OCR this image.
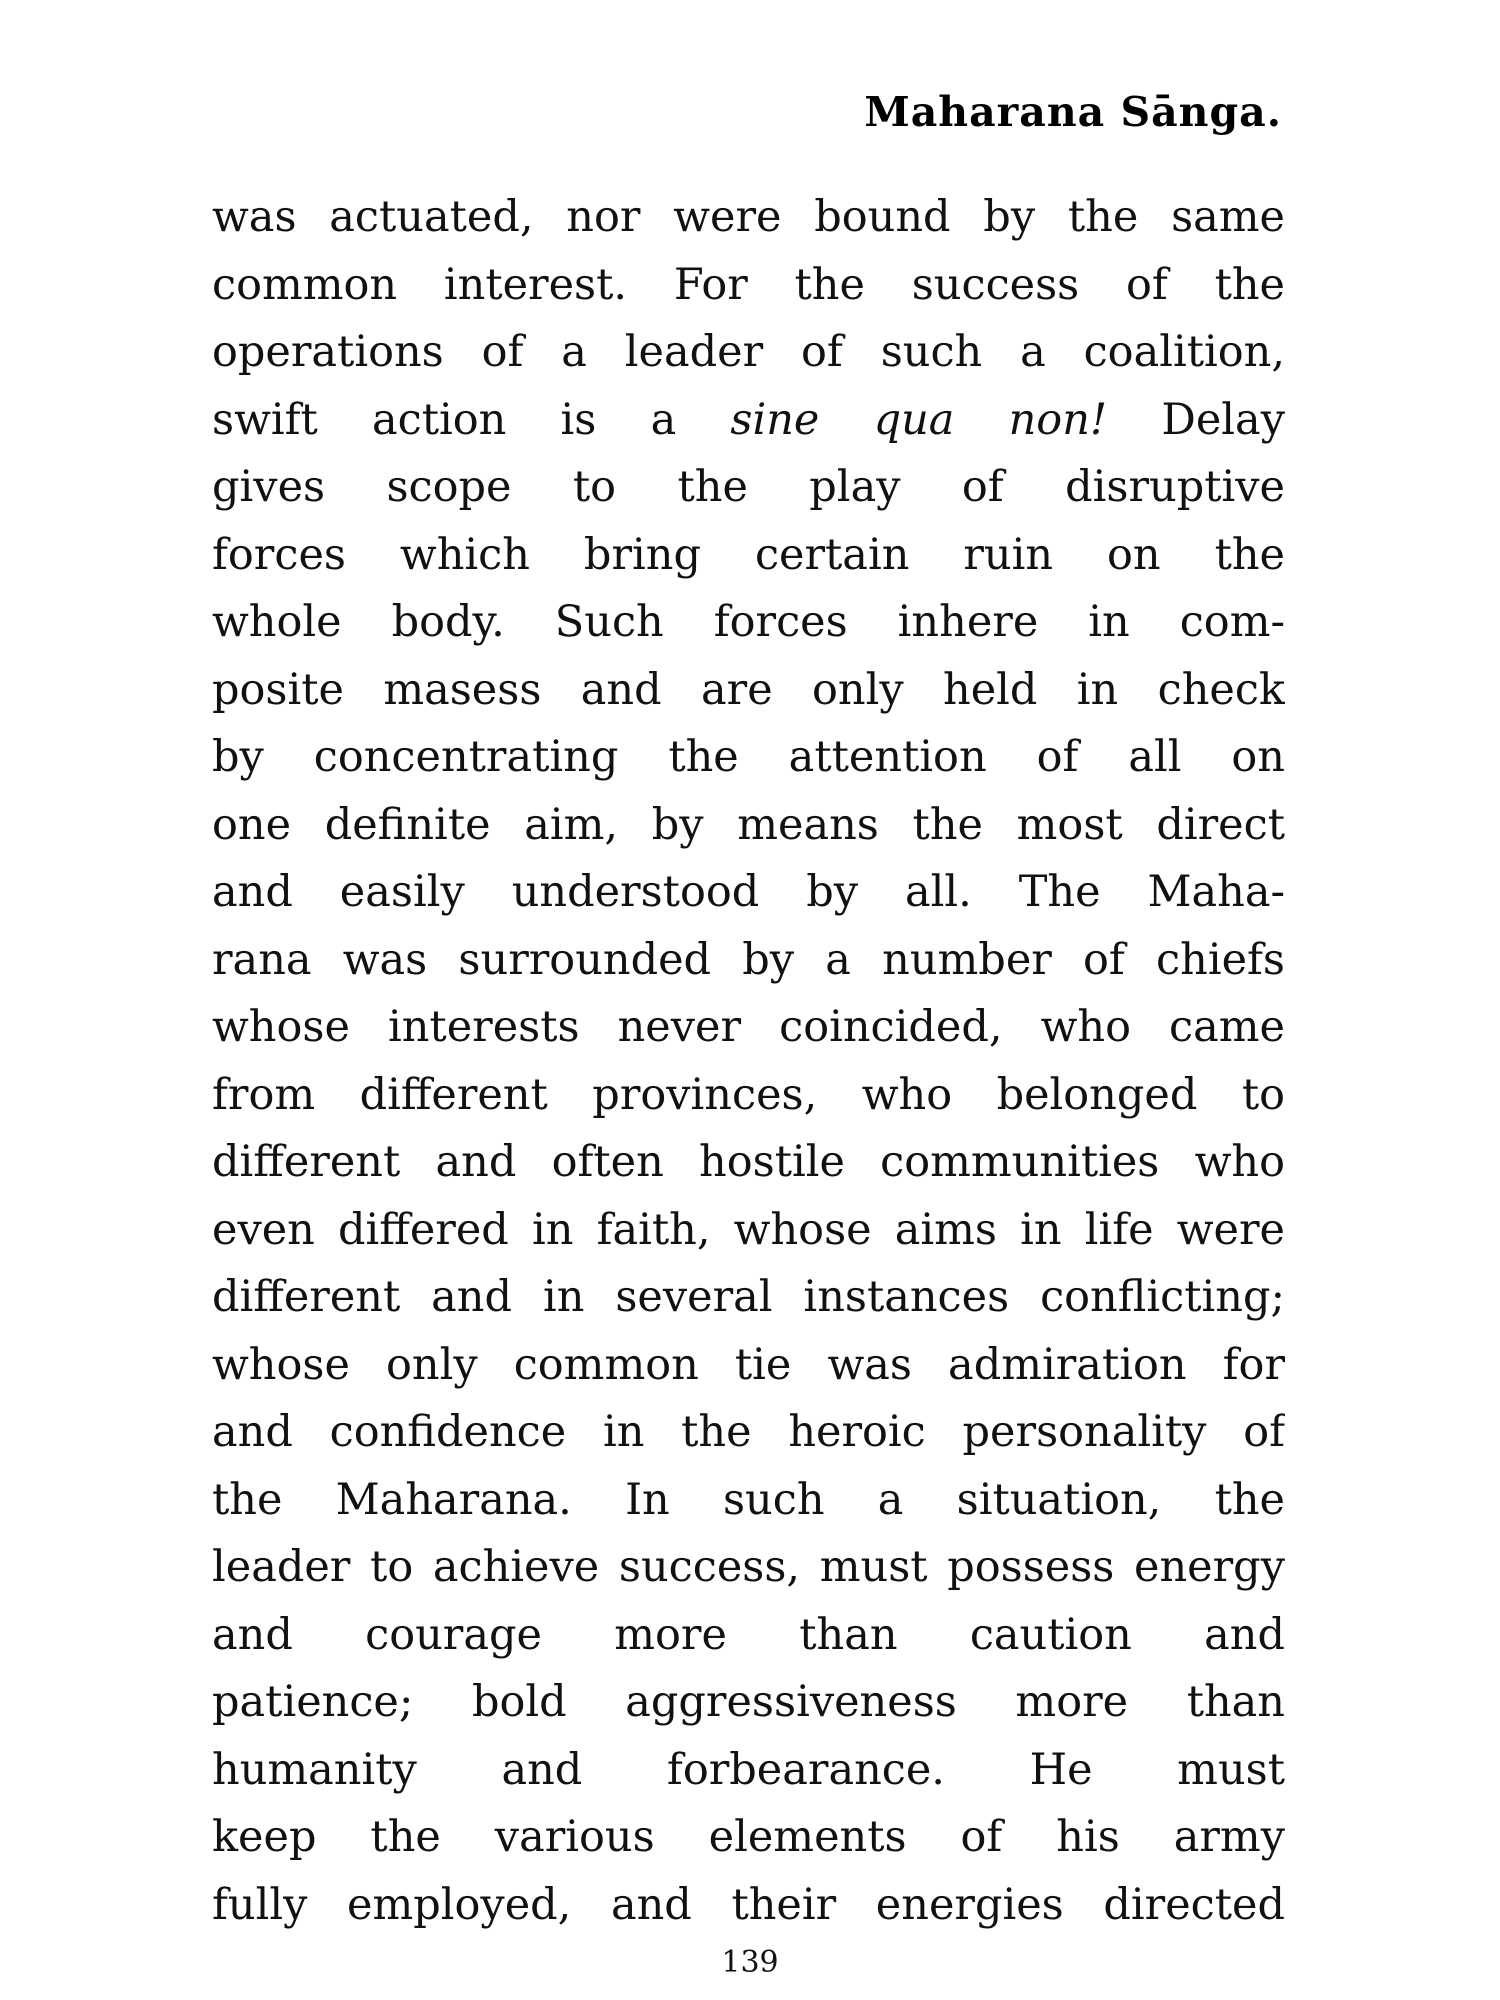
Maharana Sānga.
was actuated, nor were bound by the same
common interest. For the success of the
operations of a leader of such a coalition,
swift action is a sine qua non! Delay
gives scope to the play of disruptive
forces which bring certain ruin on the
whole body. Such forces inhere in com-
posite masess and are only held in check
by concentrating the attention of all on
one definite aim, by means the most direct
and easily understood by all. The Maha-
rana was surrounded by a number of chiefs
whose interests never coincided, who came
from different provinces, who belonged to
different and often hostile communities who
even differed in faith, whose aims in life were
different and in several instances conflicting;
whose only common tie was admiration for
and confidence in the heroic personality of
the Maharana. In such a situation, the
leader to achieve success, must possess energy
and courage more than caution and
patience; bold aggressiveness more than
humanity and forbearance. He must
keep the various elements of his army
fully employed, and their energies directed
139
